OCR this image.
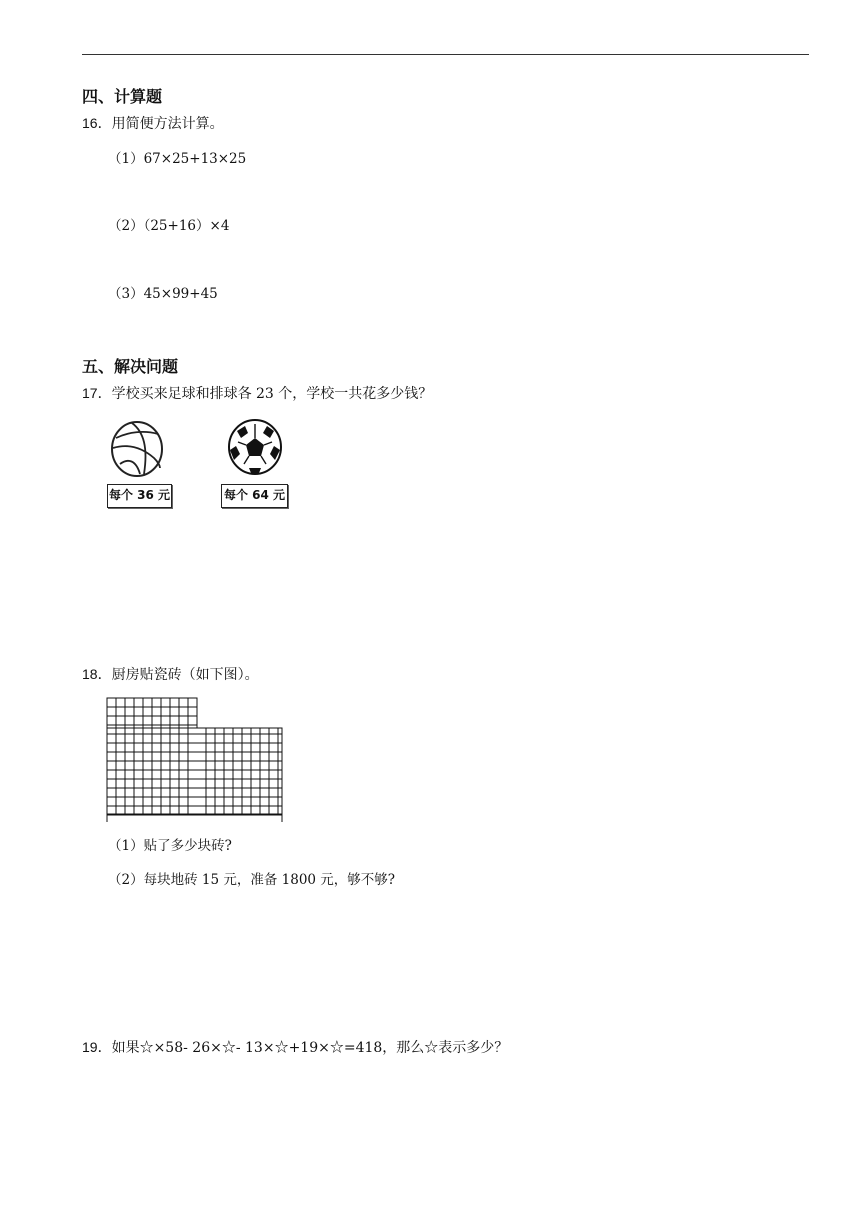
四、计算题
16．用简便方法计算。
（1）67×25+13×25
（2）（25+16）×4
（3）45×99+45
五、解决问题
17．学校买来足球和排球各 23 个，学校一共花多少钱？
每个 36 元	每个 64 元
18．厨房贴瓷砖（如下图）。
（1）贴了多少块砖?
（2）每块地砖 15 元，准备 1800 元，够不够?
19．如果☆×58- 26×☆- 13×☆+19×☆=418，那么☆表示多少？
